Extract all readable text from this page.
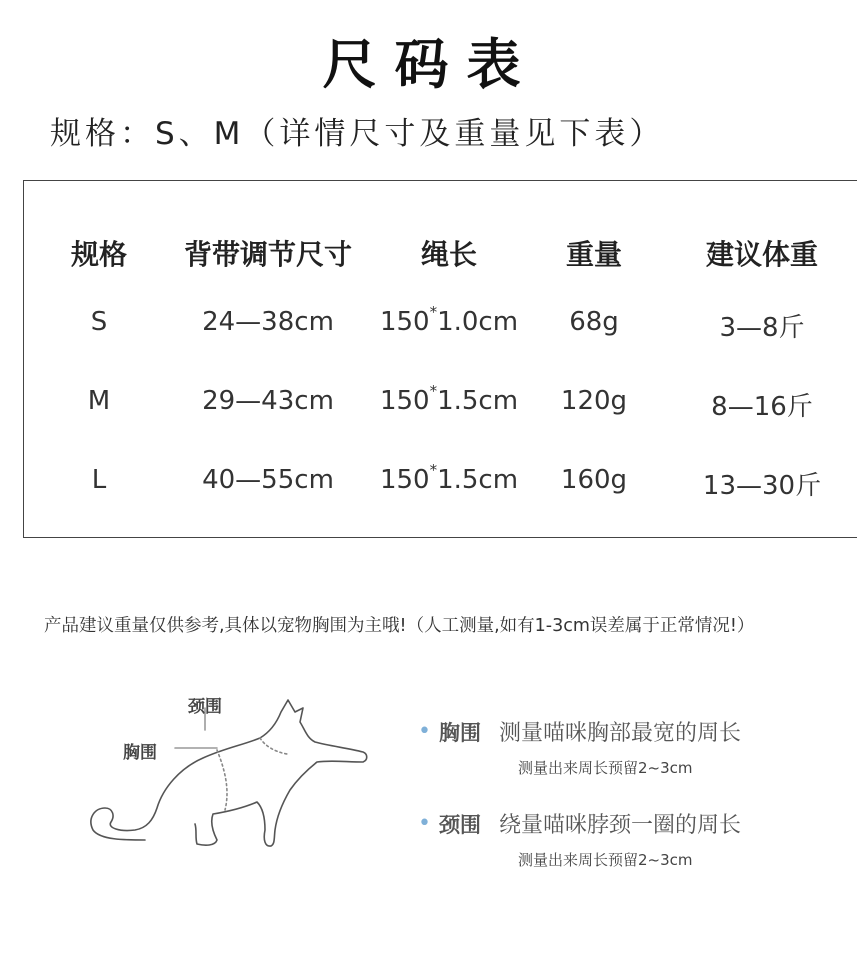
尺码表
规格：S、M（详情尺寸及重量见下表）
规格 背带调节尺寸 绳长	重量	建议体重
S	24—38cm 150*1.0cm 68g	3—8斤
M	29—43cm 150*1.5cm 120g	8—16斤
L	40—55cm 150*1.5cm 160g	13—30斤
产品建议重量仅供参考,具体以宠物胸围为主哦!（人工测量,如有1-3cm误差属于正常情况!）
颈围
胸围
• 胸围 测量喵咪胸部最宽的周长
测量出来周长预留2~3cm
• 颈围 绕量喵咪脖颈一圈的周长
测量出来周长预留2~3cm
